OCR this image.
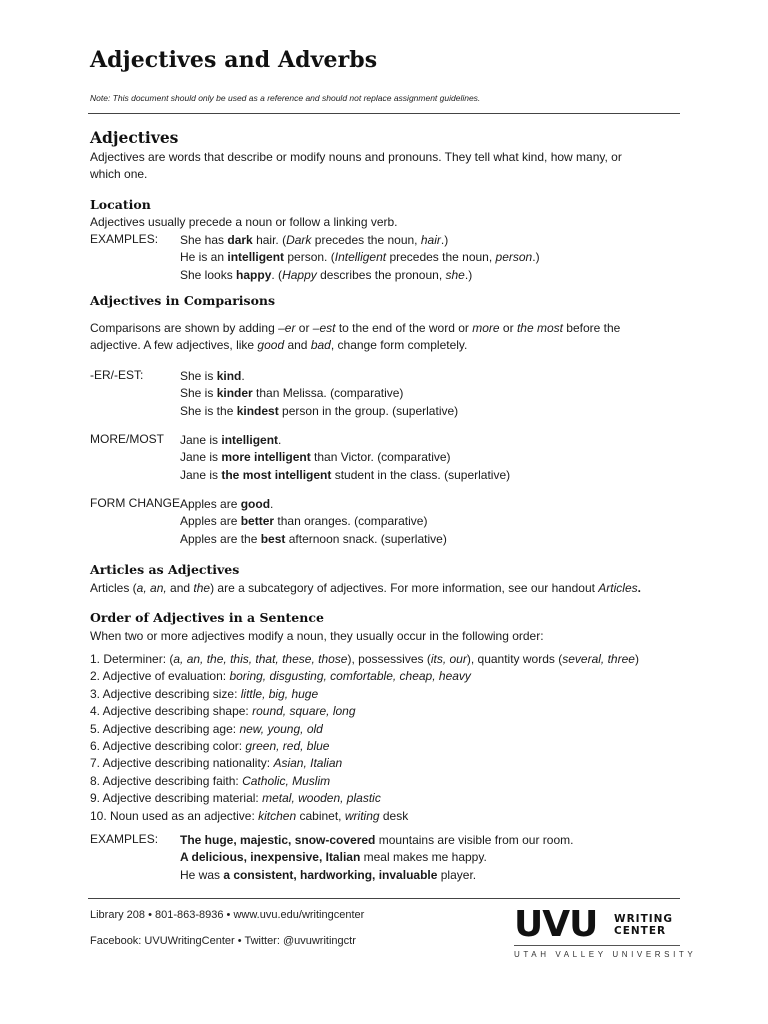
Adjectives and Adverbs
Note: This document should only be used as a reference and should not replace assignment guidelines.
Adjectives
Adjectives are words that describe or modify nouns and pronouns. They tell what kind, how many, or
which one.
Location
Adjectives usually precede a noun or follow a linking verb.
EXAMPLES: She has dark hair. (Dark precedes the noun, hair.)
He is an intelligent person. (Intelligent precedes the noun, person.)
She looks happy. (Happy describes the pronoun, she.)
Adjectives in Comparisons
Comparisons are shown by adding –er or –est to the end of the word or more or the most before the
adjective. A few adjectives, like good and bad, change form completely.
-ER/-EST:	She is kind.
She is kinder than Melissa. (comparative)
She is the kindest person in the group. (superlative)
MORE/MOST Jane is intelligent.
Jane is more intelligent than Victor. (comparative)
Jane is the most intelligent student in the class. (superlative)
FORM CHANGE Apples are good.
Apples are better than oranges. (comparative)
Apples are the best afternoon snack. (superlative)
Articles as Adjectives
Articles (a, an, and the) are a subcategory of adjectives. For more information, see our handout Articles.
Order of Adjectives in a Sentence
When two or more adjectives modify a noun, they usually occur in the following order:
1. Determiner: (a, an, the, this, that, these, those), possessives (its, our), quantity words (several, three)
2. Adjective of evaluation: boring, disgusting, comfortable, cheap, heavy
3. Adjective describing size: little, big, huge
4. Adjective describing shape: round, square, long
5. Adjective describing age: new, young, old
6. Adjective describing color: green, red, blue
7. Adjective describing nationality: Asian, Italian
8. Adjective describing faith: Catholic, Muslim
9. Adjective describing material: metal, wooden, plastic
10. Noun used as an adjective: kitchen cabinet, writing desk
EXAMPLES: The huge, majestic, snow-covered mountains are visible from our room.
A delicious, inexpensive, Italian meal makes me happy.
He was a consistent, hardworking, invaluable player.
Library 208 • 801-863-8936 • www.uvu.edu/writingcenter
Facebook: UVUWritingCenter • Twitter: @uvuwritingctr	UVU WRITING
CENTER
UTAH VALLEY UNIVERSITY
